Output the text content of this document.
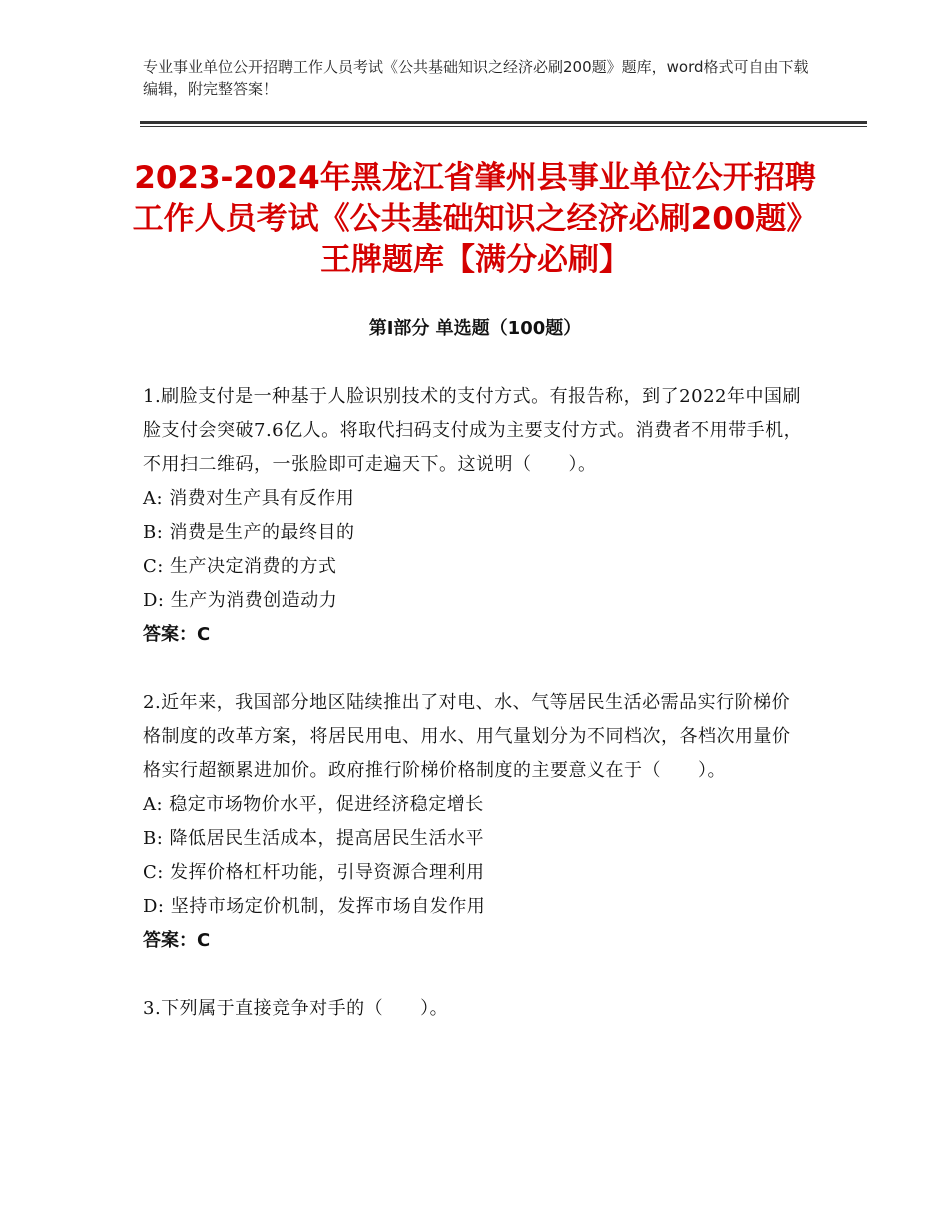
专业事业单位公开招聘工作人员考试《公共基础知识之经济必刷200题》题库，word格式可自由下载编辑，附完整答案！
2023-2024年黑龙江省肇州县事业单位公开招聘工作人员考试《公共基础知识之经济必刷200题》王牌题库【满分必刷】
第Ⅰ部分 单选题（100题）
1.刷脸支付是一种基于人脸识别技术的支付方式。有报告称，到了2022年中国刷脸支付会突破7.6亿人。将取代扫码支付成为主要支付方式。消费者不用带手机，不用扫二维码，一张脸即可走遍天下。这说明（　　）。
A: 消费对生产具有反作用
B: 消费是生产的最终目的
C: 生产决定消费的方式
D: 生产为消费创造动力
答案：C
2.近年来，我国部分地区陆续推出了对电、水、气等居民生活必需品实行阶梯价格制度的改革方案，将居民用电、用水、用气量划分为不同档次，各档次用量价格实行超额累进加价。政府推行阶梯价格制度的主要意义在于（　　）。
A: 稳定市场物价水平，促进经济稳定增长
B: 降低居民生活成本，提高居民生活水平
C: 发挥价格杠杆功能，引导资源合理利用
D: 坚持市场定价机制，发挥市场自发作用
答案：C
3.下列属于直接竞争对手的（　　）。
